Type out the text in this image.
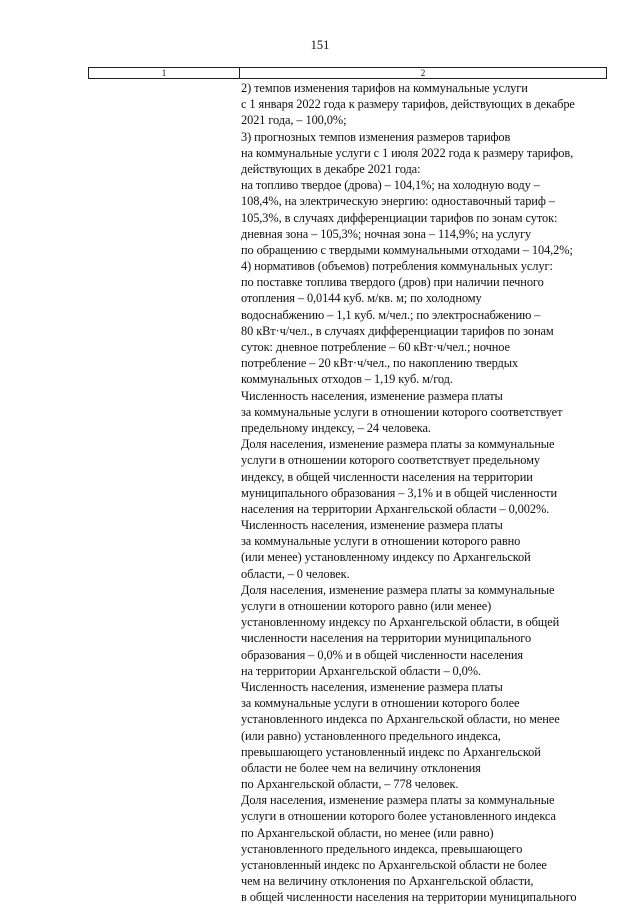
151
1	2
2) темпов изменения тарифов на коммунальные услуги
с 1 января 2022 года к размеру тарифов, действующих в декабре
2021 года, – 100,0%;
3) прогнозных темпов изменения размеров тарифов
на коммунальные услуги с 1 июля 2022 года к размеру тарифов,
действующих в декабре 2021 года:
на топливо твердое (дрова) – 104,1%; на холодную воду –
108,4%, на электрическую энергию: одноставочный тариф –
105,3%, в случаях дифференциации тарифов по зонам суток:
дневная зона – 105,3%; ночная зона – 114,9%; на услугу
по обращению с твердыми коммунальными отходами – 104,2%;
4) нормативов (объемов) потребления коммунальных услуг:
по поставке топлива твердого (дров) при наличии печного
отопления – 0,0144 куб. м/кв. м; по холодному
водоснабжению – 1,1 куб. м/чел.; по электроснабжению –
80 кВт·ч/чел., в случаях дифференциации тарифов по зонам
суток: дневное потребление – 60 кВт·ч/чел.; ночное
потребление – 20 кВт·ч/чел., по накоплению твердых
коммунальных отходов – 1,19 куб. м/год.
Численность населения, изменение размера платы
за коммунальные услуги в отношении которого соответствует
предельному индексу, – 24 человека.
Доля населения, изменение размера платы за коммунальные
услуги в отношении которого соответствует предельному
индексу, в общей численности населения на территории
муниципального образования – 3,1% и в общей численности
населения на территории Архангельской области – 0,002%.
Численность населения, изменение размера платы
за коммунальные услуги в отношении которого равно
(или менее) установленному индексу по Архангельской
области, – 0 человек.
Доля населения, изменение размера платы за коммунальные
услуги в отношении которого равно (или менее)
установленному индексу по Архангельской области, в общей
численности населения на территории муниципального
образования – 0,0% и в общей численности населения
на территории Архангельской области – 0,0%.
Численность населения, изменение размера платы
за коммунальные услуги в отношении которого более
установленного индекса по Архангельской области, но менее
(или равно) установленного предельного индекса,
превышающего установленный индекс по Архангельской
области не более чем на величину отклонения
по Архангельской области, – 778 человек.
Доля населения, изменение размера платы за коммунальные
услуги в отношении которого более установленного индекса
по Архангельской области, но менее (или равно)
установленного предельного индекса, превышающего
установленный индекс по Архангельской области не более
чем на величину отклонения по Архангельской области,
в общей численности населения на территории муниципального
